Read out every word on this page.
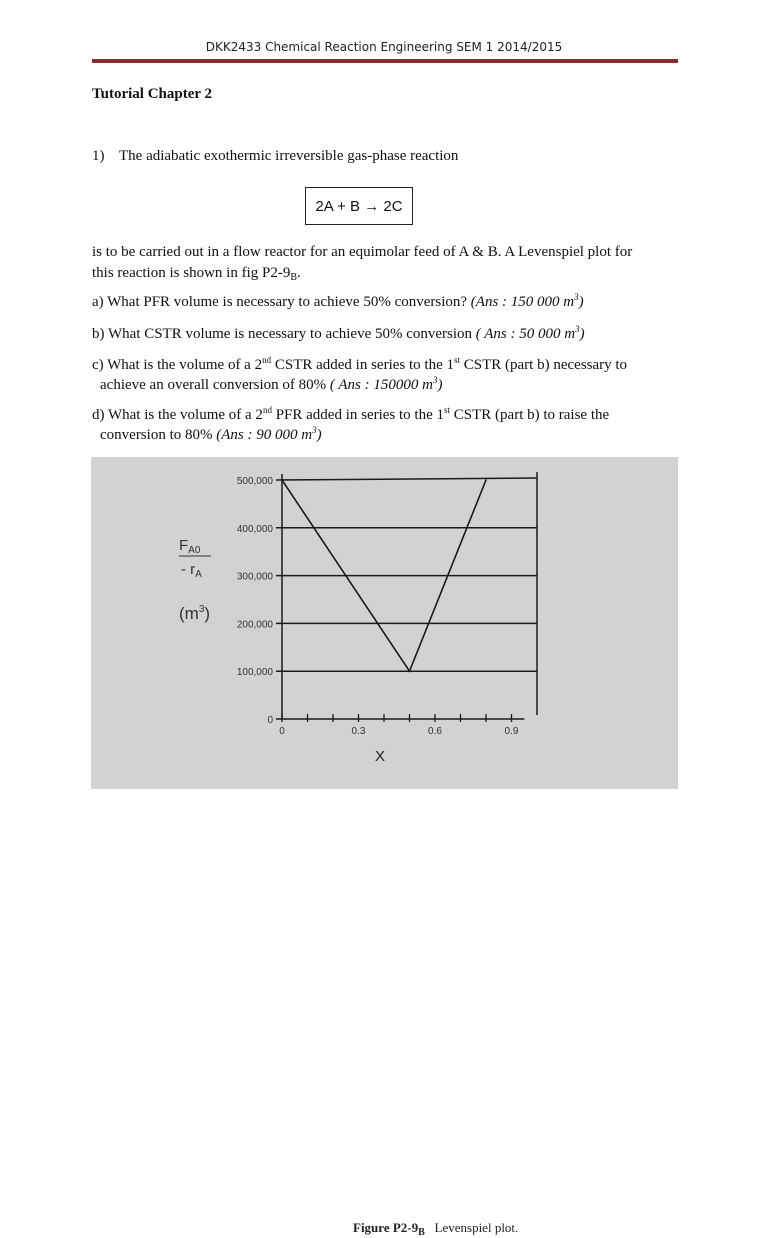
DKK2433 Chemical Reaction Engineering SEM 1 2014/2015
Tutorial Chapter 2
1) The adiabatic exothermic irreversible gas-phase reaction
2A + B → 2C
is to be carried out in a flow reactor for an equimolar feed of A & B. A Levenspiel plot for
this reaction is shown in fig $P2-9_B$.
a) What PFR volume is necessary to achieve 50% conversion? (Ans : 150 000 $m^3$)
b) What CSTR volume is necessary to achieve 50% conversion ( Ans : 50 000 $m^3$)
c) What is the volume of a 2nd CSTR added in series to the 1st CSTR (part b) necessary to
achieve an overall conversion of 80% ( Ans : 150000 $m^3$)
d) What is the volume of a 2nd PFR added in series to the 1st CSTR (part b) to raise the
conversion to 80% (Ans : 90 000 $m^3$)
0
100,000
200,000
300,000
400,000
500,000
0	0.3	0.6	0.9
$F_{A0}$
- $r_A$
$(m^3)$
X
Figure $P2-9_B$ Levenspiel plot.
